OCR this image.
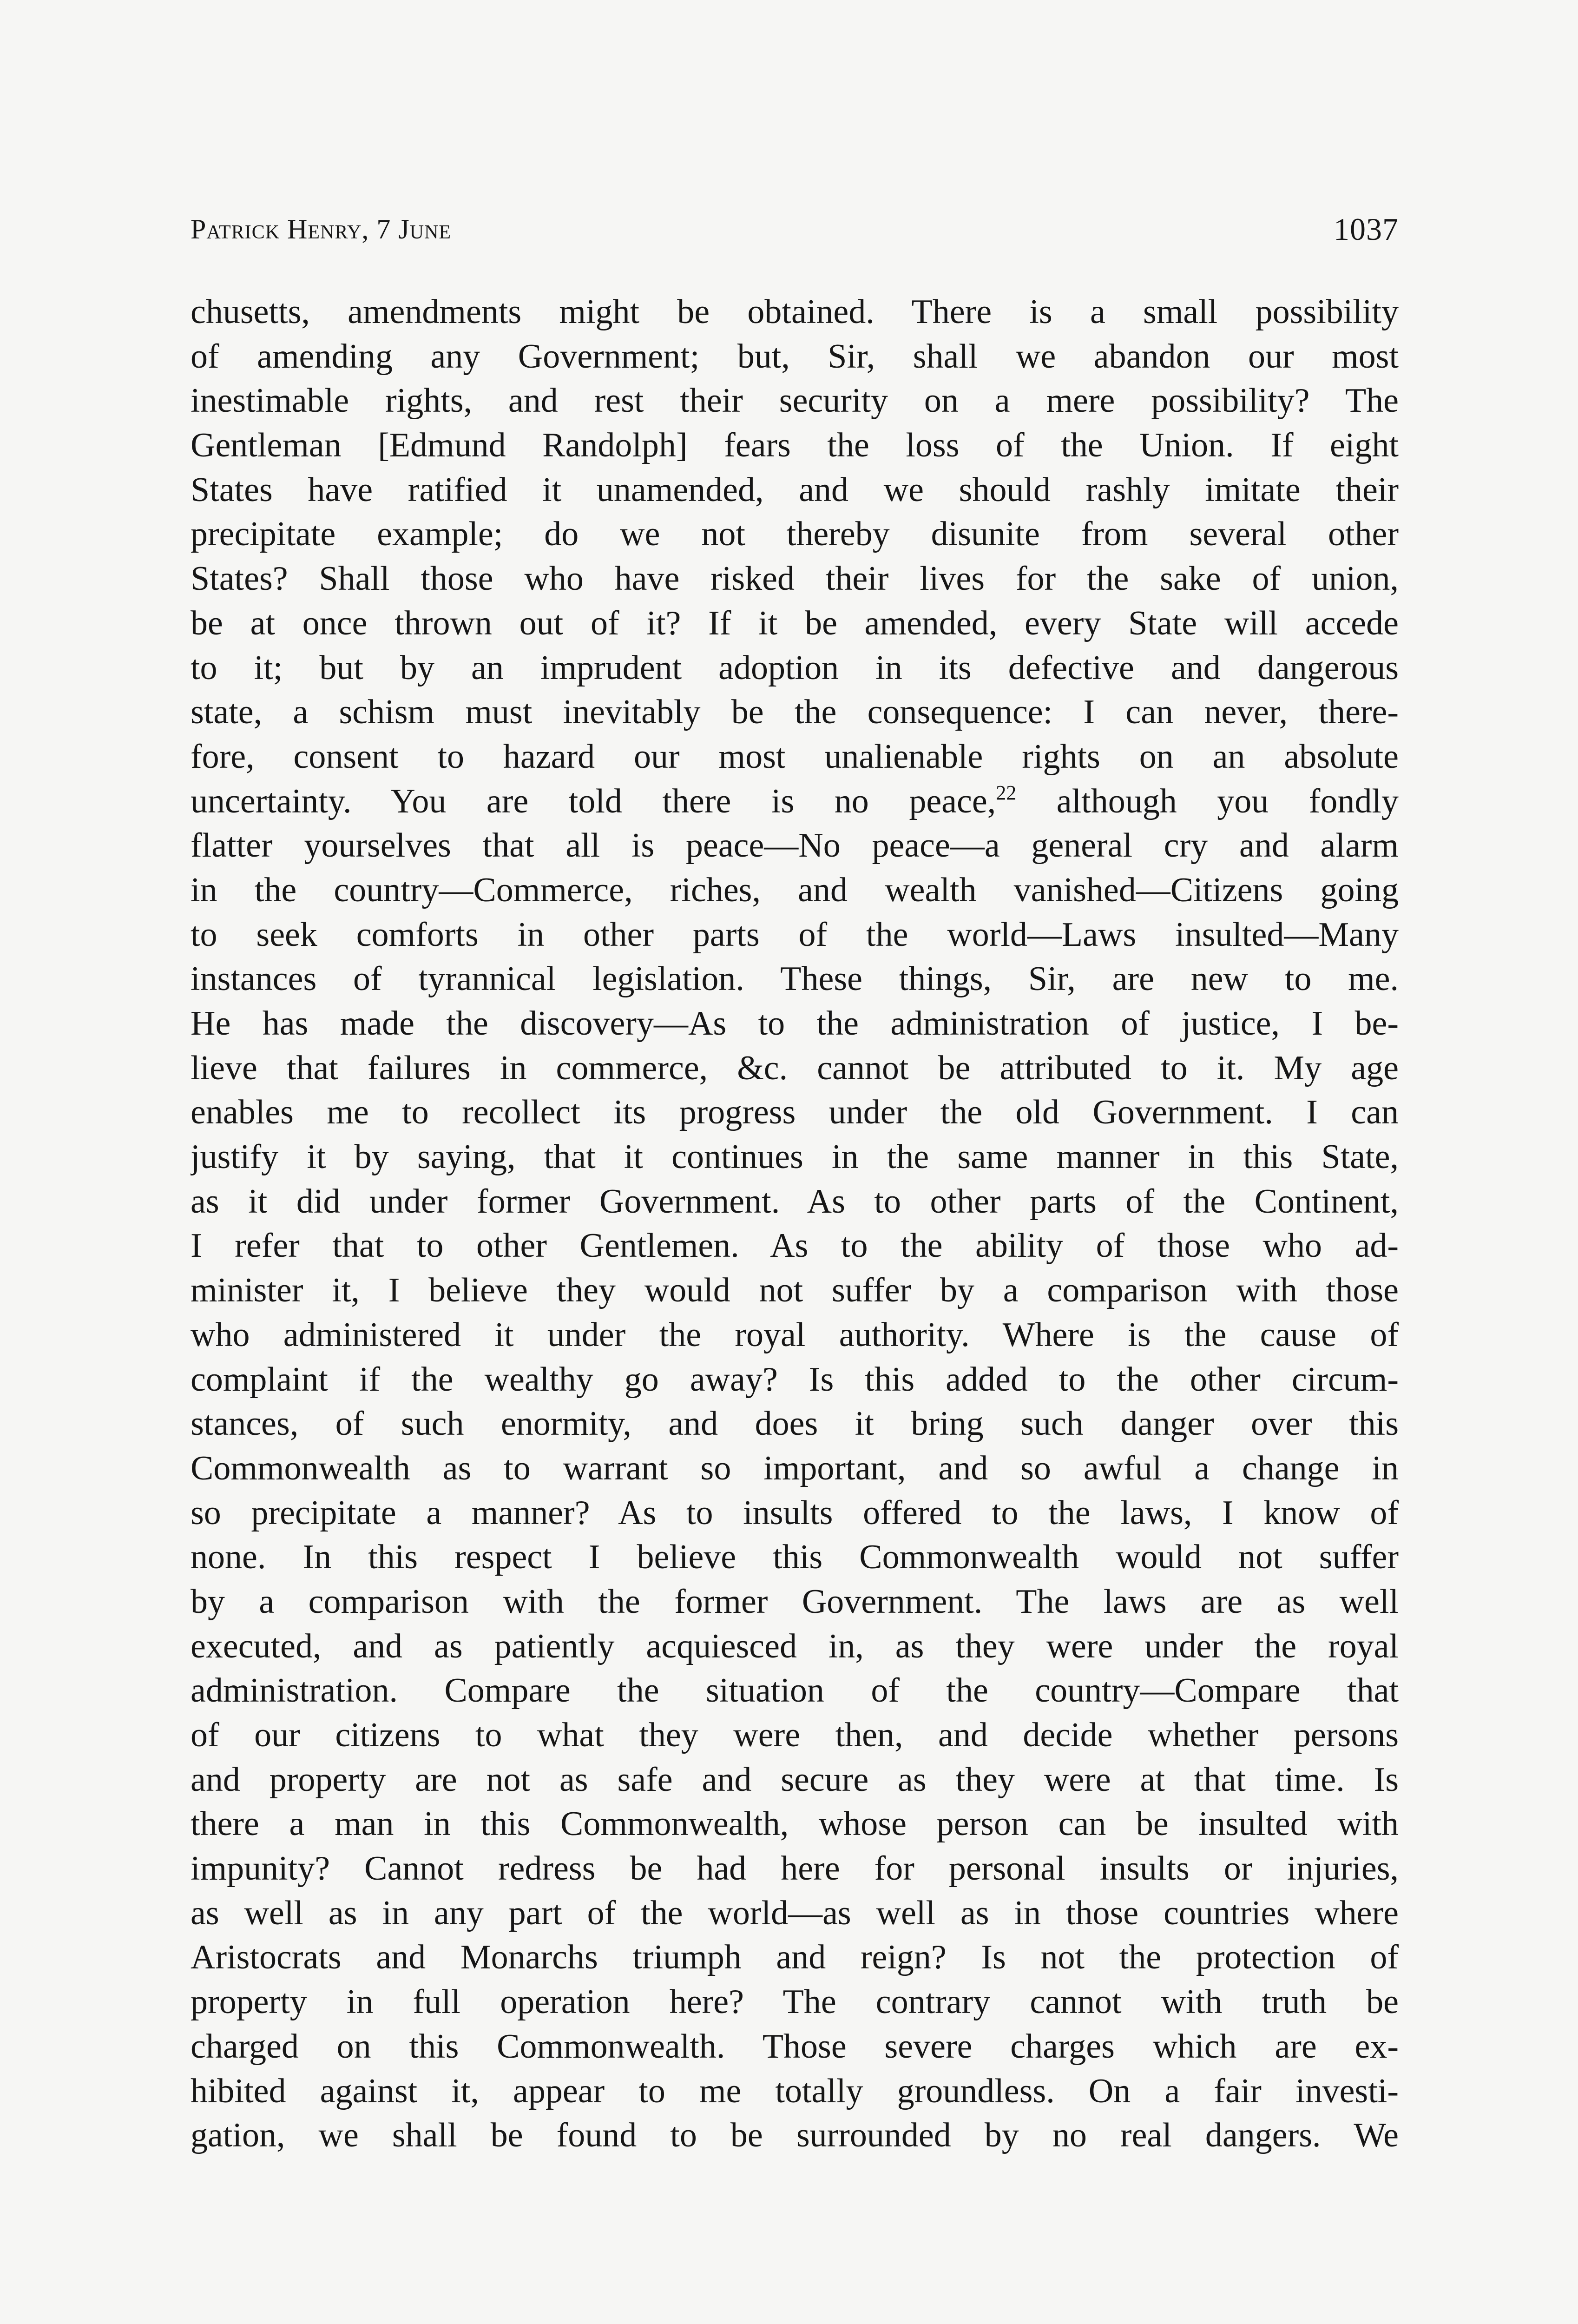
Patrick Henry, 7 June	1037
chusetts, amendments might be obtained. There is a small possibility
of amending any Government; but, Sir, shall we abandon our most
inestimable rights, and rest their security on a mere possibility? The
Gentleman [Edmund Randolph] fears the loss of the Union. If eight
States have ratified it unamended, and we should rashly imitate their
precipitate example; do we not thereby disunite from several other
States? Shall those who have risked their lives for the sake of union,
be at once thrown out of it? If it be amended, every State will accede
to it; but by an imprudent adoption in its defective and dangerous
state, a schism must inevitably be the consequence: I can never, there-
fore, consent to hazard our most unalienable rights on an absolute
uncertainty. You are told there is no peace,$^{22}$ although you fondly
flatter yourselves that all is peace—No peace—a general cry and alarm
in the country—Commerce, riches, and wealth vanished—Citizens going
to seek comforts in other parts of the world—Laws insulted—Many
instances of tyrannical legislation. These things, Sir, are new to me.
He has made the discovery—As to the administration of justice, I be-
lieve that failures in commerce, &c. cannot be attributed to it. My age
enables me to recollect its progress under the old Government. I can
justify it by saying, that it continues in the same manner in this State,
as it did under former Government. As to other parts of the Continent,
I refer that to other Gentlemen. As to the ability of those who ad-
minister it, I believe they would not suffer by a comparison with those
who administered it under the royal authority. Where is the cause of
complaint if the wealthy go away? Is this added to the other circum-
stances, of such enormity, and does it bring such danger over this
Commonwealth as to warrant so important, and so awful a change in
so precipitate a manner? As to insults offered to the laws, I know of
none. In this respect I believe this Commonwealth would not suffer
by a comparison with the former Government. The laws are as well
executed, and as patiently acquiesced in, as they were under the royal
administration. Compare the situation of the country—Compare that
of our citizens to what they were then, and decide whether persons
and property are not as safe and secure as they were at that time. Is
there a man in this Commonwealth, whose person can be insulted with
impunity? Cannot redress be had here for personal insults or injuries,
as well as in any part of the world—as well as in those countries where
Aristocrats and Monarchs triumph and reign? Is not the protection of
property in full operation here? The contrary cannot with truth be
charged on this Commonwealth. Those severe charges which are ex-
hibited against it, appear to me totally groundless. On a fair investi-
gation, we shall be found to be surrounded by no real dangers. We
